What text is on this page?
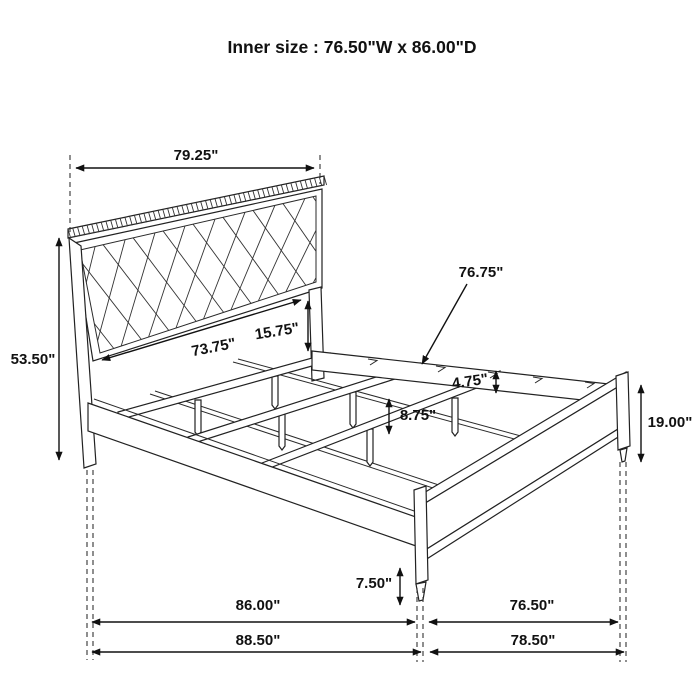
79.25"
53.50"	73.75"
15.75"
76.75"
4.75"
8.75"	19.00"
7.50"
86.00"	76.50"
88.50"	78.50"
Inner size : 76.50"W x 86.00"D
